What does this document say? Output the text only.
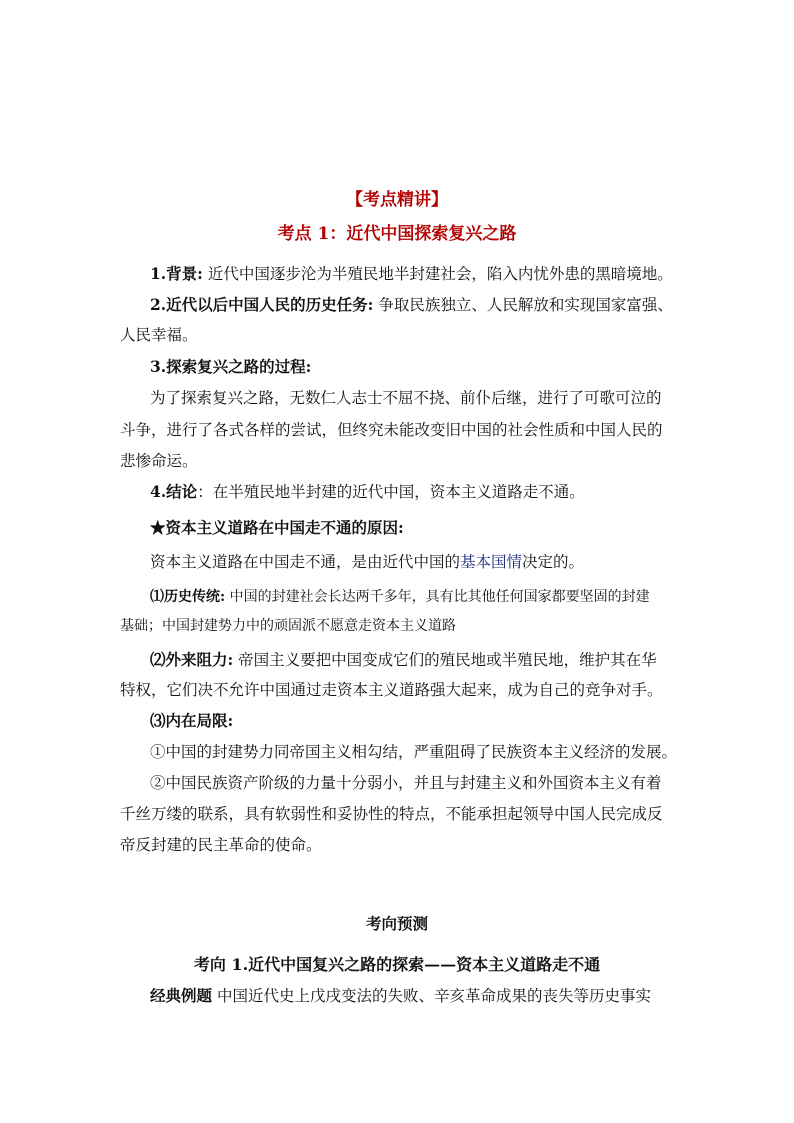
【考点精讲】
考点 1：近代中国探索复兴之路
1.背景: 近代中国逐步沦为半殖民地半封建社会，陷入内忧外患的黑暗境地。
2.近代以后中国人民的历史任务: 争取民族独立、人民解放和实现国家富强、
人民幸福。
3.探索复兴之路的过程:
为了探索复兴之路，无数仁人志士不屈不挠、前仆后继，进行了可歌可泣的
斗争，进行了各式各样的尝试，但终究未能改变旧中国的社会性质和中国人民的
悲惨命运。
4.结论：在半殖民地半封建的近代中国，资本主义道路走不通。
★资本主义道路在中国走不通的原因:
资本主义道路在中国走不通，是由近代中国的基本国情决定的。
⑴历史传统: 中国的封建社会长达两千多年，具有比其他任何国家都要坚固的封建
基础；中国封建势力中的顽固派不愿意走资本主义道路
⑵外来阻力: 帝国主义要把中国变成它们的殖民地或半殖民地，维护其在华
特权，它们决不允许中国通过走资本主义道路强大起来，成为自己的竞争对手。
⑶内在局限:
①中国的封建势力同帝国主义相勾结，严重阻碍了民族资本主义经济的发展。
②中国民族资产阶级的力量十分弱小，并且与封建主义和外国资本主义有着
千丝万缕的联系，具有软弱性和妥协性的特点，不能承担起领导中国人民完成反
帝反封建的民主革命的使命。
考向预测
考向 1.近代中国复兴之路的探索——资本主义道路走不通
经典例题 中国近代史上戊戌变法的失败、辛亥革命成果的丧失等历史事实
